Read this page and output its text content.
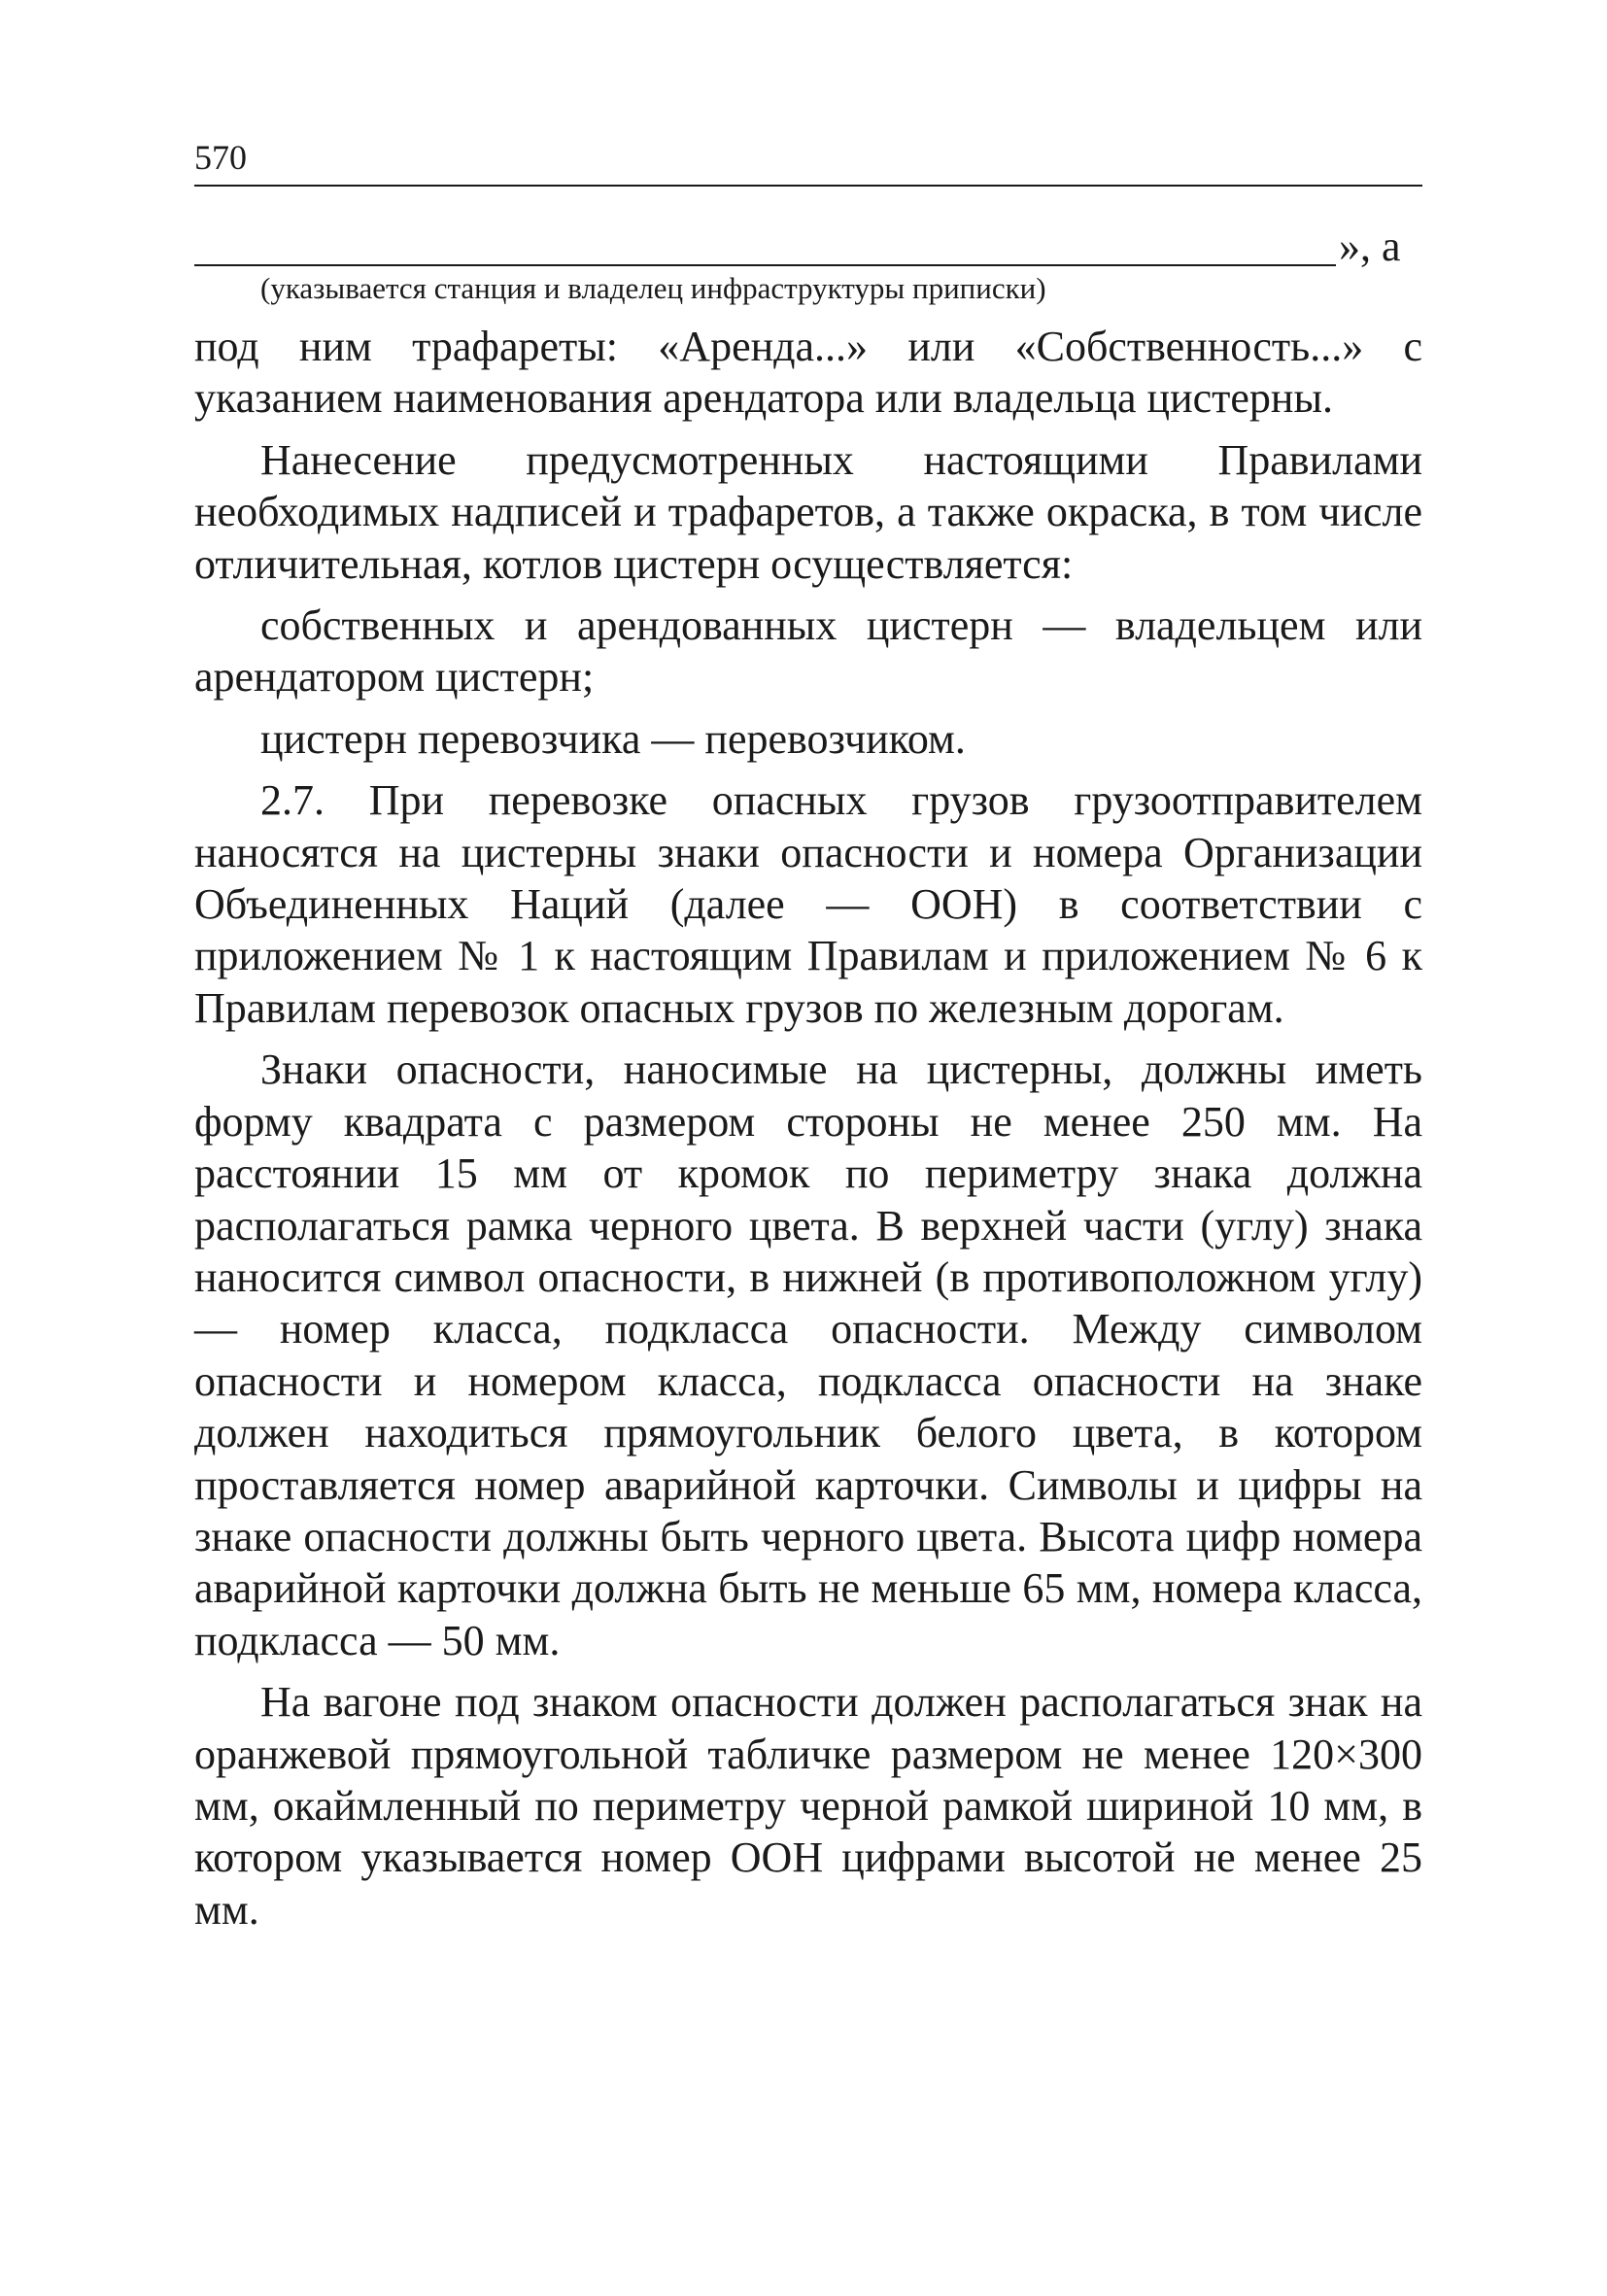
570
», а
(указывается станция и владелец инфраструктуры приписки)

под ним трафареты: «Аренда...» или «Собственность...» с указанием наименования арендатора или владельца цистерны.

Нанесение предусмотренных настоящими Правилами необходимых надписей и трафаретов, а также окраска, в том числе отличительная, котлов цистерн осуществляется:

собственных и арендованных цистерн — владельцем или арендатором цистерн;

цистерн перевозчика — перевозчиком.

2.7. При перевозке опасных грузов грузоотправителем наносятся на цистерны знаки опасности и номера Организации Объединенных Наций (далее — ООН) в соответствии с приложением № 1 к настоящим Правилам и приложением № 6 к Правилам перевозок опасных грузов по железным дорогам.

Знаки опасности, наносимые на цистерны, должны иметь форму квадрата с размером стороны не менее 250 мм. На расстоянии 15 мм от кромок по периметру знака должна располагаться рамка черного цвета. В верхней части (углу) знака наносится символ опасности, в нижней (в противоположном углу) — номер класса, подкласса опасности. Между символом опасности и номером класса, подкласса опасности на знаке должен находиться прямоугольник белого цвета, в котором проставляется номер аварийной карточки. Символы и цифры на знаке опасности должны быть черного цвета. Высота цифр номера аварийной карточки должна быть не меньше 65 мм, номера класса, подкласса — 50 мм.

На вагоне под знаком опасности должен располагаться знак на оранжевой прямоугольной табличке размером не менее 120×300 мм, окаймленный по периметру черной рамкой шириной 10 мм, в котором указывается номер ООН цифрами высотой не менее 25 мм.
